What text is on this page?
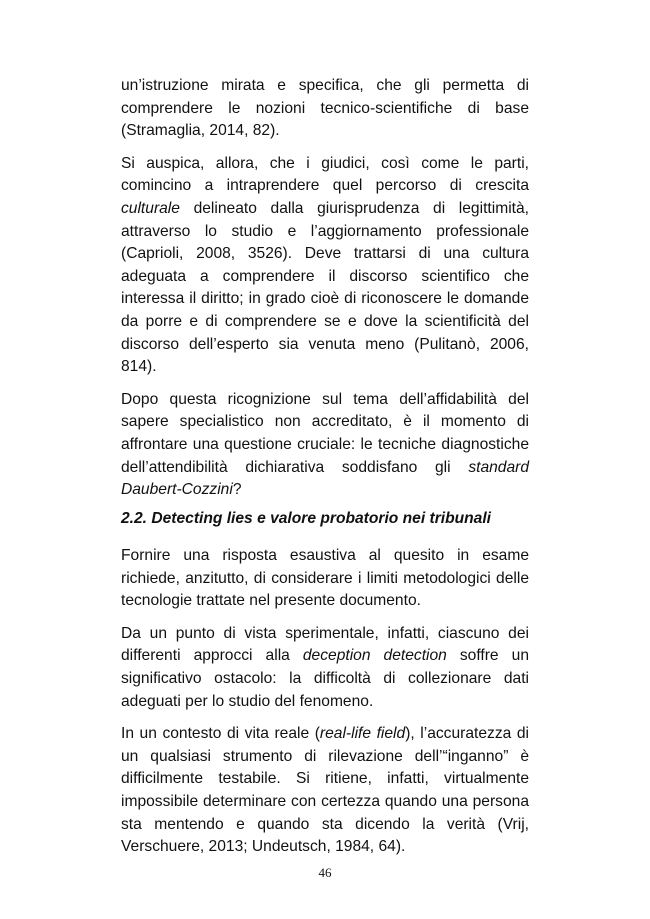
un’istruzione mirata e specifica, che gli permetta di comprendere le nozioni tecnico-scientifiche di base (Stramaglia, 2014, 82).

Si auspica, allora, che i giudici, così come le parti, comincino a intraprendere quel percorso di crescita culturale delineato dalla giurisprudenza di legittimità, attraverso lo studio e l’aggiornamento professionale (Caprioli, 2008, 3526). Deve trattarsi di una cultura adeguata a comprendere il discorso scientifico che interessa il diritto; in grado cioè di riconoscere le domande da porre e di comprendere se e dove la scientificità del discorso dell’esperto sia venuta meno (Pulitanò, 2006, 814).

Dopo questa ricognizione sul tema dell’affidabilità del sapere specialistico non accreditato, è il momento di affrontare una questione cruciale: le tecniche diagnostiche dell’attendibilità dichiarativa soddisfano gli standard Daubert-Cozzini?

2.2. Detecting lies e valore probatorio nei tribunali

Fornire una risposta esaustiva al quesito in esame richiede, anzitutto, di considerare i limiti metodologici delle tecnologie trattate nel presente documento.

Da un punto di vista sperimentale, infatti, ciascuno dei differenti approcci alla deception detection soffre un significativo ostacolo: la difficoltà di collezionare dati adeguati per lo studio del fenomeno.

In un contesto di vita reale (real-life field), l’accuratezza di un qualsiasi strumento di rilevazione dell’“inganno” è difficilmente testabile. Si ritiene, infatti, virtualmente impossibile determinare con certezza quando una persona sta mentendo e quando sta dicendo la verità (Vrij, Verschuere, 2013; Undeutsch, 1984, 64).

46
